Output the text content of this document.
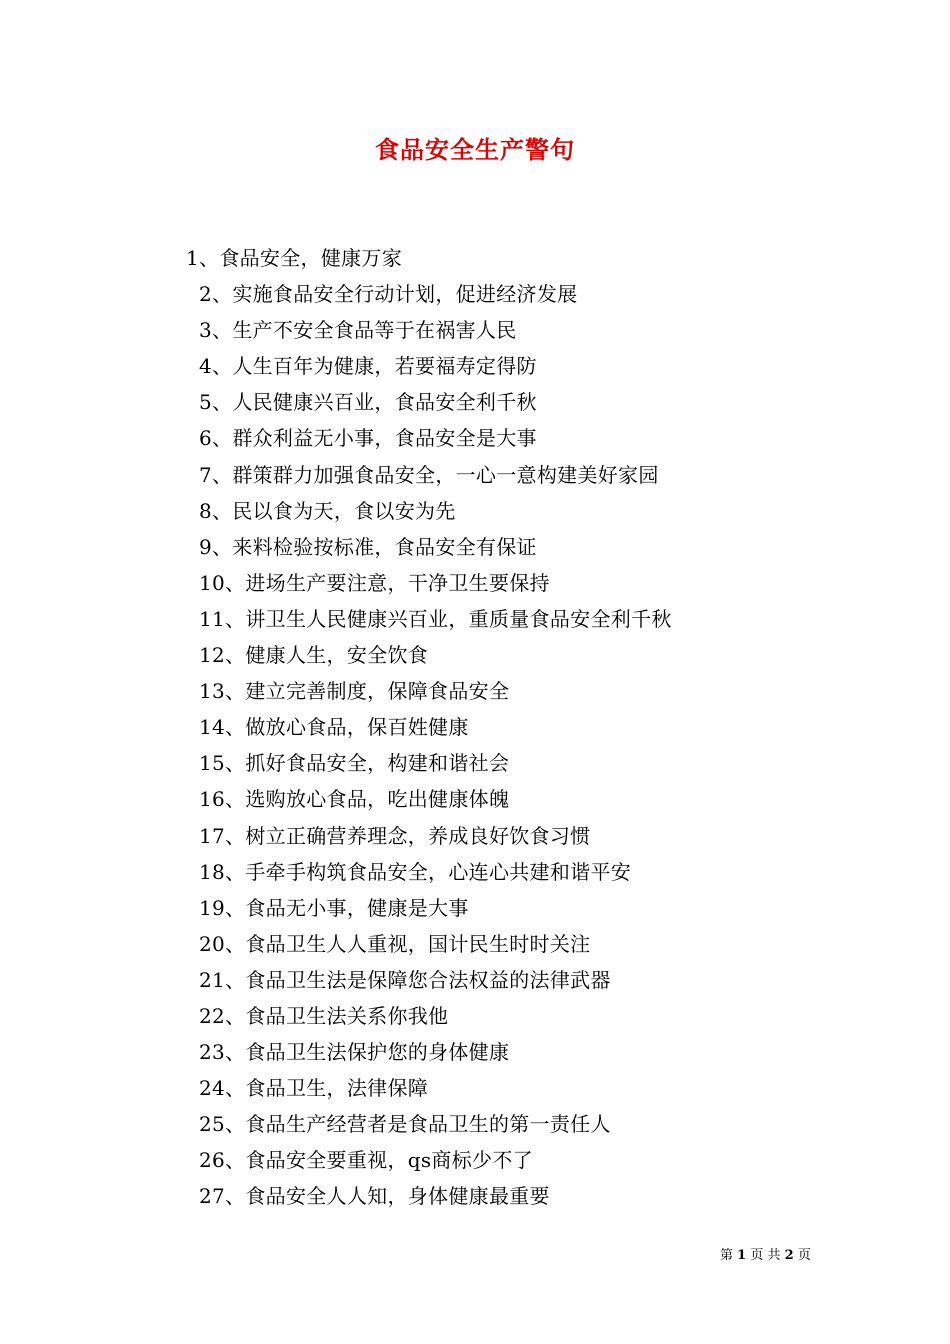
食品安全生产警句
1、食品安全，健康万家
2、实施食品安全行动计划，促进经济发展
3、生产不安全食品等于在祸害人民
4、人生百年为健康，若要福寿定得防
5、人民健康兴百业，食品安全利千秋
6、群众利益无小事，食品安全是大事
7、群策群力加强食品安全，一心一意构建美好家园
8、民以食为天，食以安为先
9、来料检验按标准，食品安全有保证
10、进场生产要注意，干净卫生要保持
11、讲卫生人民健康兴百业，重质量食品安全利千秋
12、健康人生，安全饮食
13、建立完善制度，保障食品安全
14、做放心食品，保百姓健康
15、抓好食品安全，构建和谐社会
16、选购放心食品，吃出健康体魄
17、树立正确营养理念，养成良好饮食习惯
18、手牵手构筑食品安全，心连心共建和谐平安
19、食品无小事，健康是大事
20、食品卫生人人重视，国计民生时时关注
21、食品卫生法是保障您合法权益的法律武器
22、食品卫生法关系你我他
23、食品卫生法保护您的身体健康
24、食品卫生，法律保障
25、食品生产经营者是食品卫生的第一责任人
26、食品安全要重视，qs商标少不了
27、食品安全人人知，身体健康最重要
第 1 页 共 2 页
